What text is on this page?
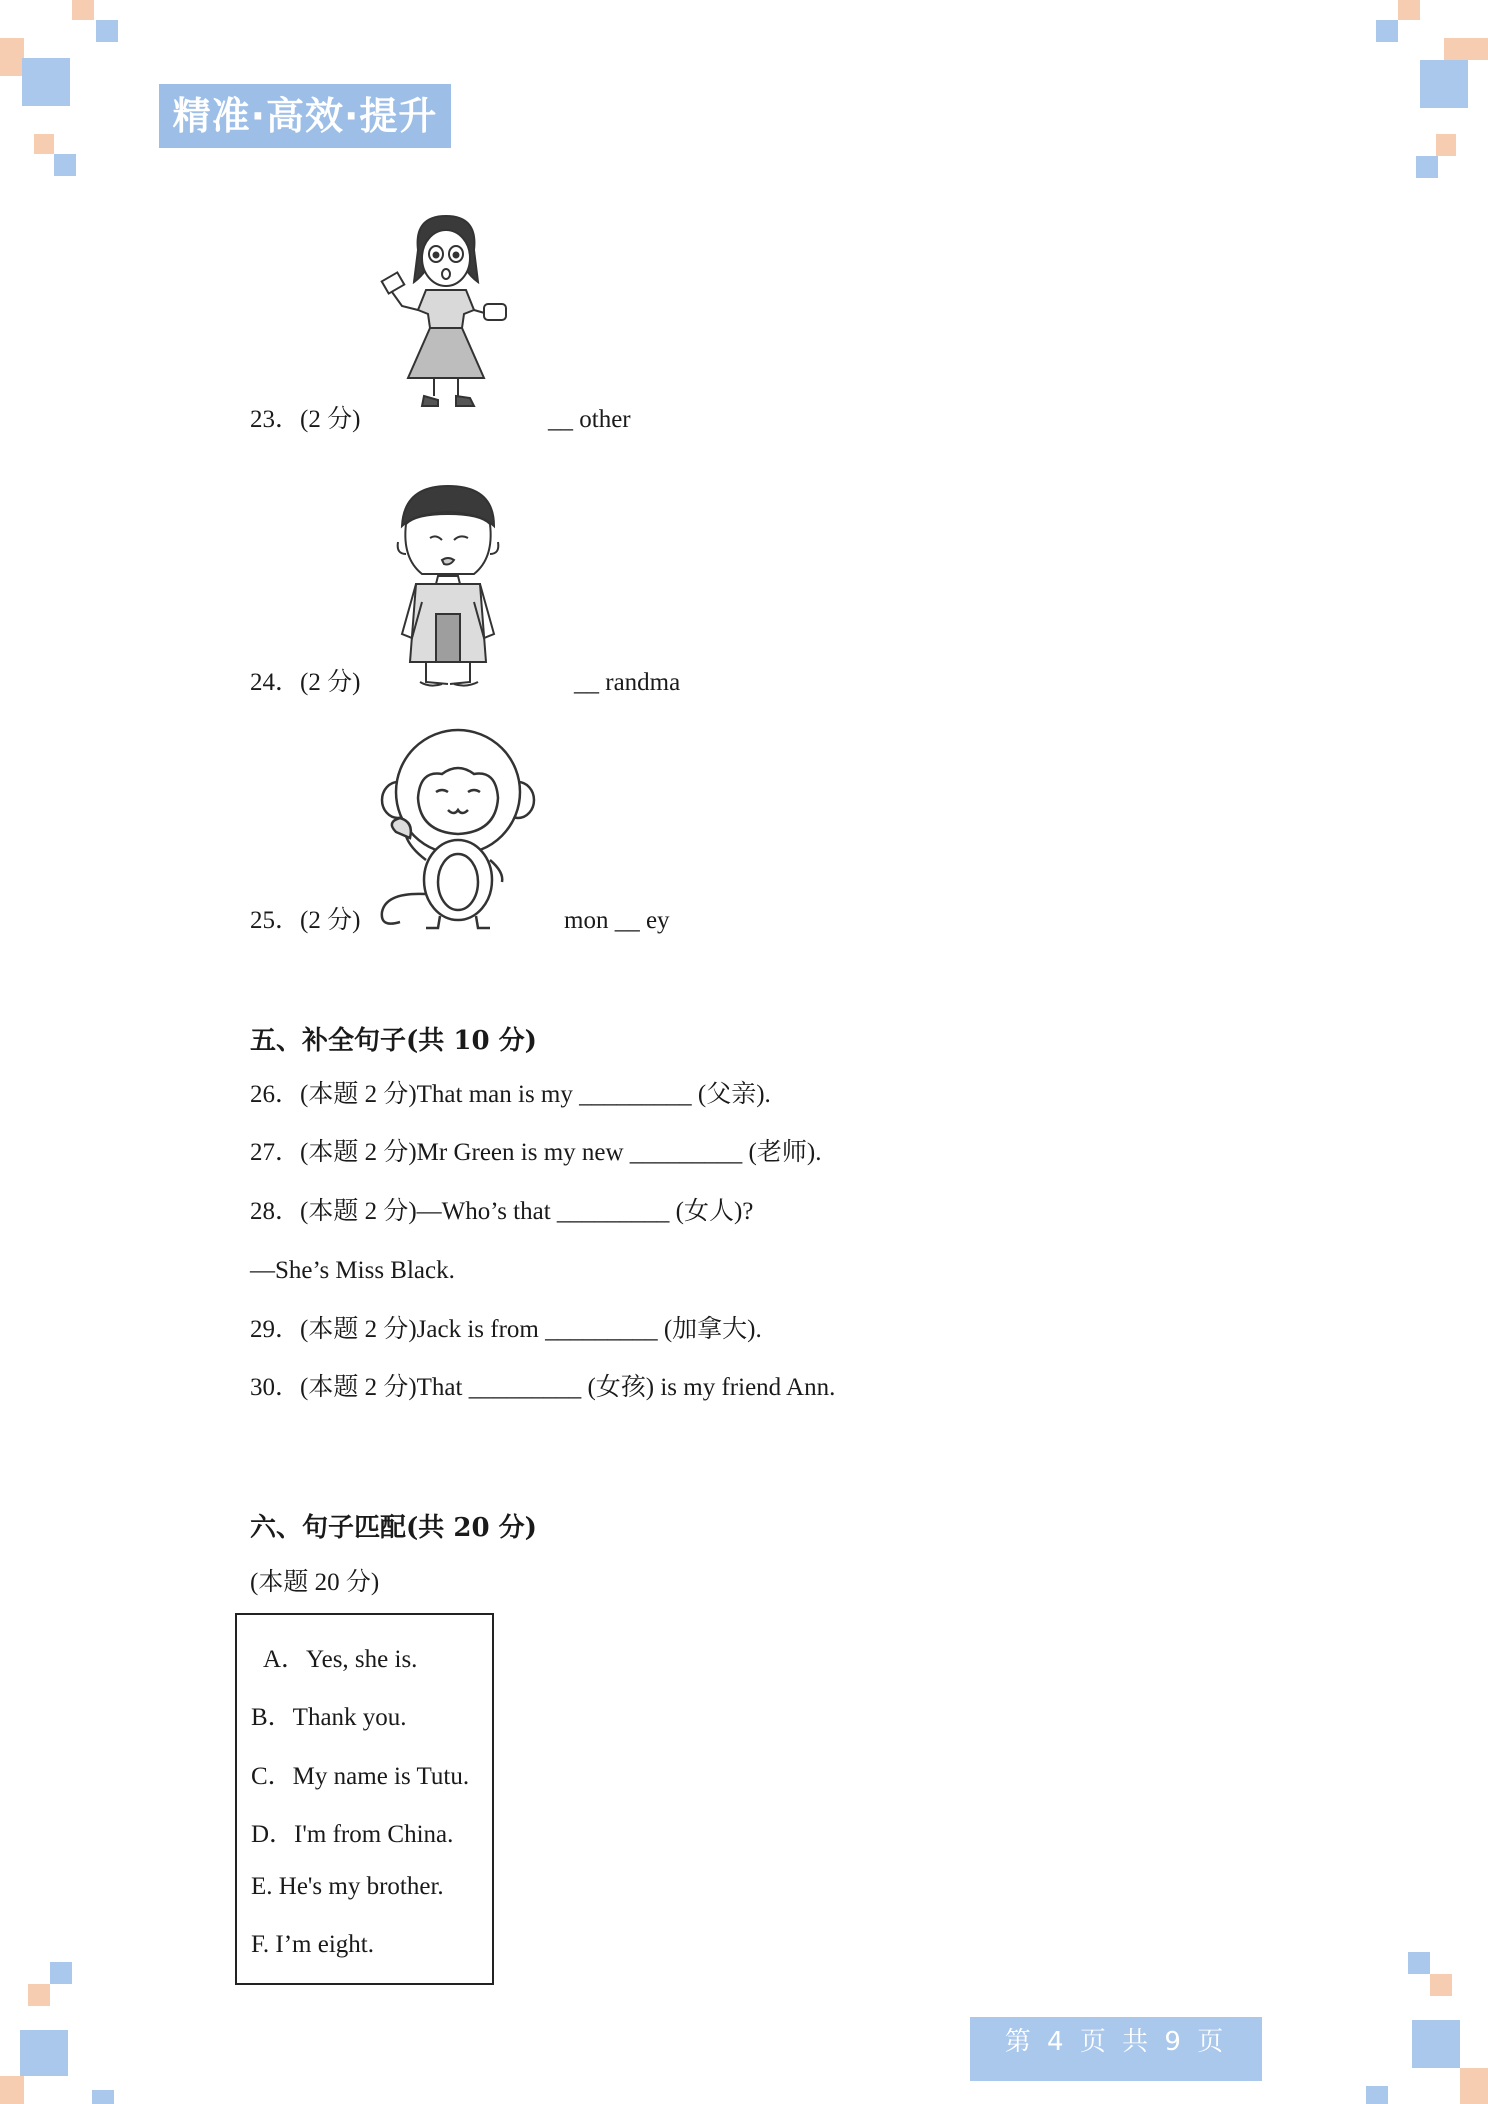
精准·高效·提升
23．(2 分)	__ other
24．(2 分)	__ randma
25．(2 分)	mon __ ey
五、补全句子(共 10 分)
26．(本题 2 分)That man is my _________ (父亲).
27．(本题 2 分)Mr Green is my new _________ (老师).
28．(本题 2 分)—Who’s that _________ (女人)?
—She’s Miss Black.
29．(本题 2 分)Jack is from _________ (加拿大).
30．(本题 2 分)That _________ (女孩) is my friend Ann.
六、句子匹配(共 20 分)
(本题 20 分)
A．Yes, she is.
B．Thank you.
C．My name is Tutu.
D．I'm from China.
E. He's my brother.
F. I’m eight.
第 4 页 共 9 页
